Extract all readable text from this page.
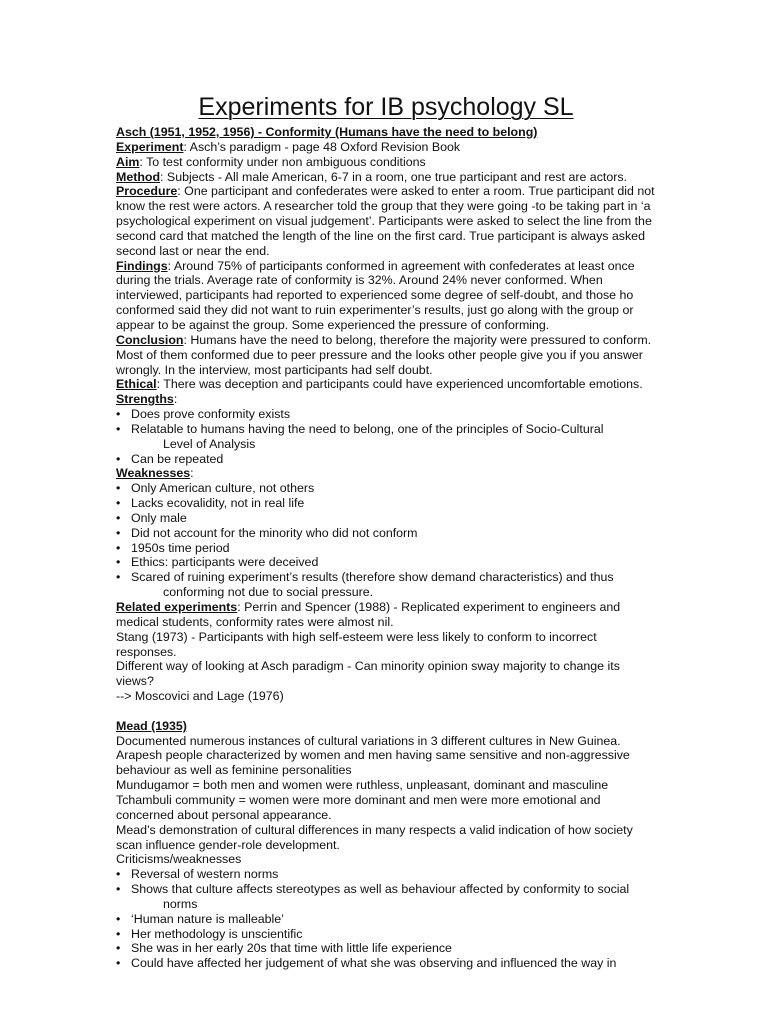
Experiments for IB psychology SL

Asch (1951, 1952, 1956) - Conformity (Humans have the need to belong)

Experiment: Asch’s paradigm - page 48 Oxford Revision Book

Aim: To test conformity under non ambiguous conditions

Method: Subjects - All male American, 6-7 in a room, one true participant and rest are actors.

Procedure: One participant and confederates were asked to enter a room. True participant did not know the rest were actors. A researcher told the group that they were going -to be taking part in ‘a psychological experiment on visual judgement’. Participants were asked to select the line from the second card that matched the length of the line on the first card. True participant is always asked second last or near the end.

Findings: Around 75% of participants conformed in agreement with confederates at least once during the trials. Average rate of conformity is 32%. Around 24% never conformed. When interviewed, participants had reported to experienced some degree of self-doubt, and those ho conformed said they did not want to ruin experimenter’s results, just go along with the group or appear to be against the group. Some experienced the pressure of conforming.

Conclusion: Humans have the need to belong, therefore the majority were pressured to conform. Most of them conformed due to peer pressure and the looks other people give you if you answer wrongly. In the interview, most participants had self doubt.

Ethical: There was deception and participants could have experienced uncomfortable emotions.

Strengths:

• Does prove conformity exists
• Relatable to humans having the need to belong, one of the principles of Socio-Cultural
Level of Analysis
• Can be repeated

Weaknesses:

• Only American culture, not others
• Lacks ecovalidity, not in real life
• Only male
• Did not account for the minority who did not conform
• 1950s time period
• Ethics: participants were deceived
• Scared of ruining experiment’s results (therefore show demand characteristics) and thus
conforming not due to social pressure.

Related experiments: Perrin and Spencer (1988) - Replicated experiment to engineers and medical students, conformity rates were almost nil.

Stang (1973) - Participants with high self-esteem were less likely to conform to incorrect responses.

Different way of looking at Asch paradigm - Can minority opinion sway majority to change its views?

--> Moscovici and Lage (1976)

Mead (1935)

Documented numerous instances of cultural variations in 3 different cultures in New Guinea.

Arapesh people characterized by women and men having same sensitive and non-aggressive behaviour as well as feminine personalities

Mundugamor = both men and women were ruthless, unpleasant, dominant and masculine

Tchambuli community = women were more dominant and men were more emotional and concerned about personal appearance.

Mead’s demonstration of cultural differences in many respects a valid indication of how society scan influence gender-role development.

Criticisms/weaknesses

• Reversal of western norms
• Shows that culture affects stereotypes as well as behaviour affected by conformity to social
norms
• ‘Human nature is malleable’
• Her methodology is unscientific
• She was in her early 20s that time with little life experience
• Could have affected her judgement of what she was observing and influenced the way in
